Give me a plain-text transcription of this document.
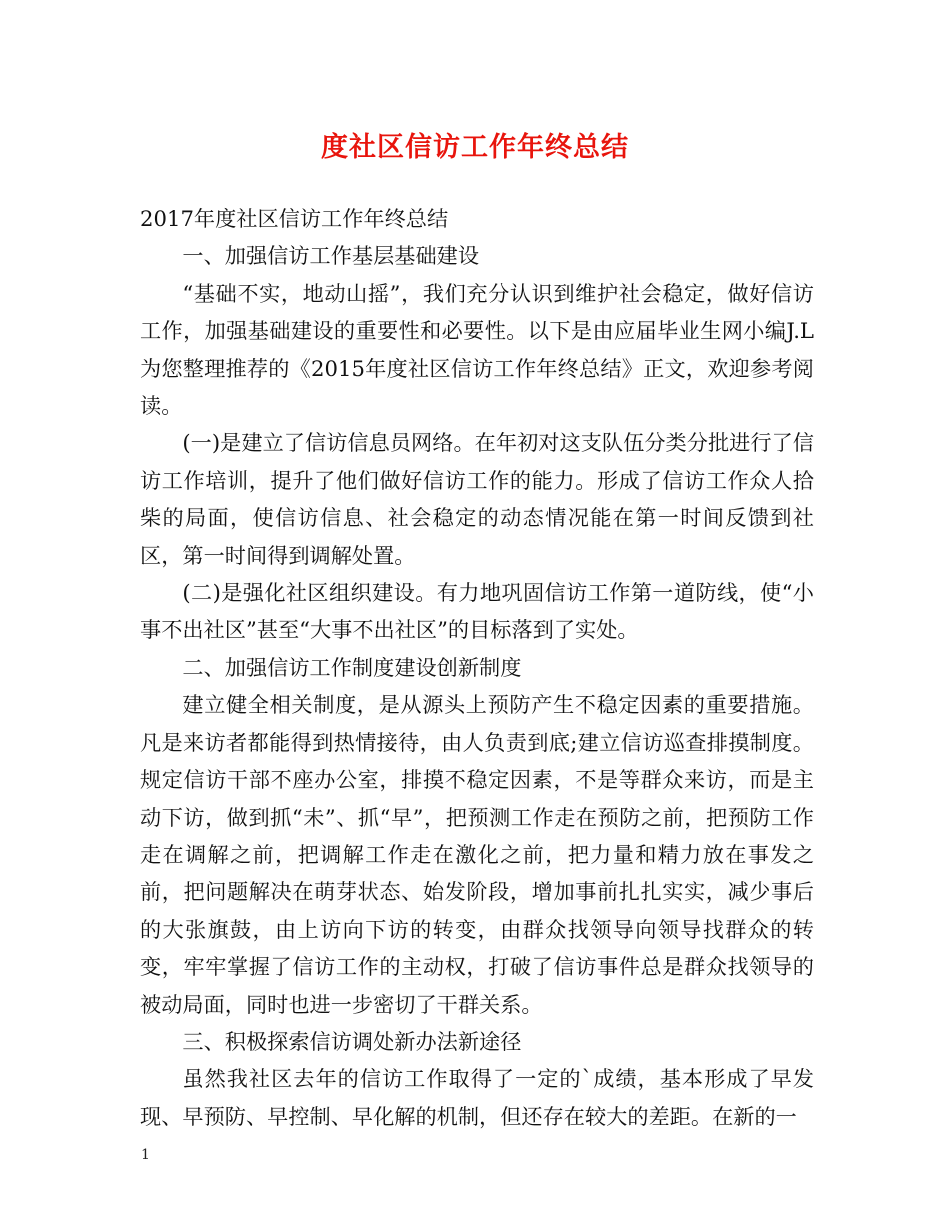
度社区信访工作年终总结

2017年度社区信访工作年终总结

一、加强信访工作基层基础建设

“基础不实，地动山摇”，我们充分认识到维护社会稳定，做好信访工作，加强基础建设的重要性和必要性。以下是由应届毕业生网小编J.L为您整理推荐的《2015年度社区信访工作年终总结》正文，欢迎参考阅读。

(一)是建立了信访信息员网络。在年初对这支队伍分类分批进行了信访工作培训，提升了他们做好信访工作的能力。形成了信访工作众人拾柴的局面，使信访信息、社会稳定的动态情况能在第一时间反馈到社区，第一时间得到调解处置。

(二)是强化社区组织建设。有力地巩固信访工作第一道防线，使“小事不出社区”甚至“大事不出社区”的目标落到了实处。

二、加强信访工作制度建设创新制度

建立健全相关制度，是从源头上预防产生不稳定因素的重要措施。凡是来访者都能得到热情接待，由人负责到底;建立信访巡查排摸制度。规定信访干部不座办公室，排摸不稳定因素，不是等群众来访，而是主动下访，做到抓“未”、抓“早”，把预测工作走在预防之前，把预防工作走在调解之前，把调解工作走在激化之前，把力量和精力放在事发之前，把问题解决在萌芽状态、始发阶段，增加事前扎扎实实，减少事后的大张旗鼓，由上访向下访的转变，由群众找领导向领导找群众的转变，牢牢掌握了信访工作的主动权，打破了信访事件总是群众找领导的被动局面，同时也进一步密切了干群关系。

三、积极探索信访调处新办法新途径

虽然我社区去年的信访工作取得了一定的`成绩，基本形成了早发现、早预防、早控制、早化解的机制，但还存在较大的差距。在新的一

1
